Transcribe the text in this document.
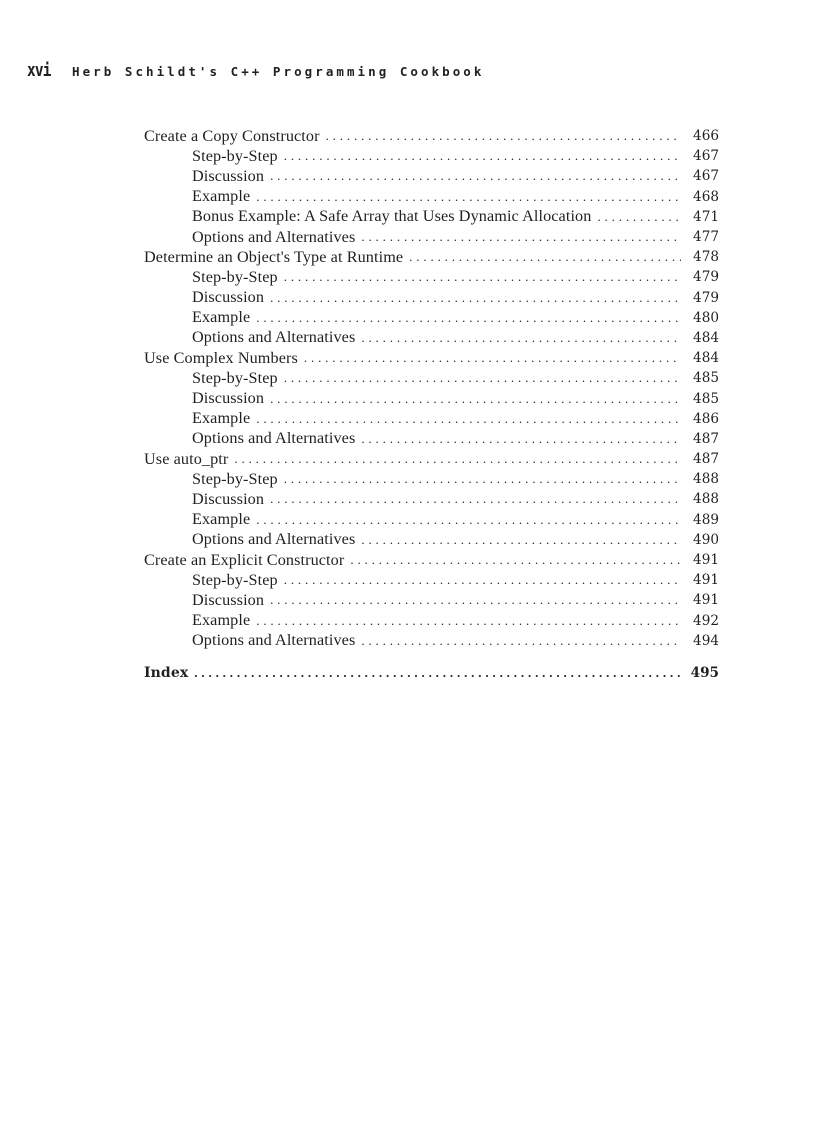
xvi Herb Schildt's C++ Programming Cookbook
Create a Copy Constructor . . .	466
Step-by-Step . . .	467
Discussion . . .	467
Example . . .	468
Bonus Example: A Safe Array that Uses Dynamic Allocation . . .	471
Options and Alternatives . . .	477
Determine an Object's Type at Runtime . . .	478
Step-by-Step . . .	479
Discussion . . .	479
Example . . .	480
Options and Alternatives . . .	484
Use Complex Numbers . . .	484
Step-by-Step . . .	485
Discussion . . .	485
Example . . .	486
Options and Alternatives . . .	487
Use auto_ptr . . .	487
Step-by-Step . . .	488
Discussion . . .	488
Example . . .	489
Options and Alternatives . . .	490
Create an Explicit Constructor . . .	491
Step-by-Step . . .	491
Discussion . . .	491
Example . . .	492
Options and Alternatives . . .	494
Index . . .	495
